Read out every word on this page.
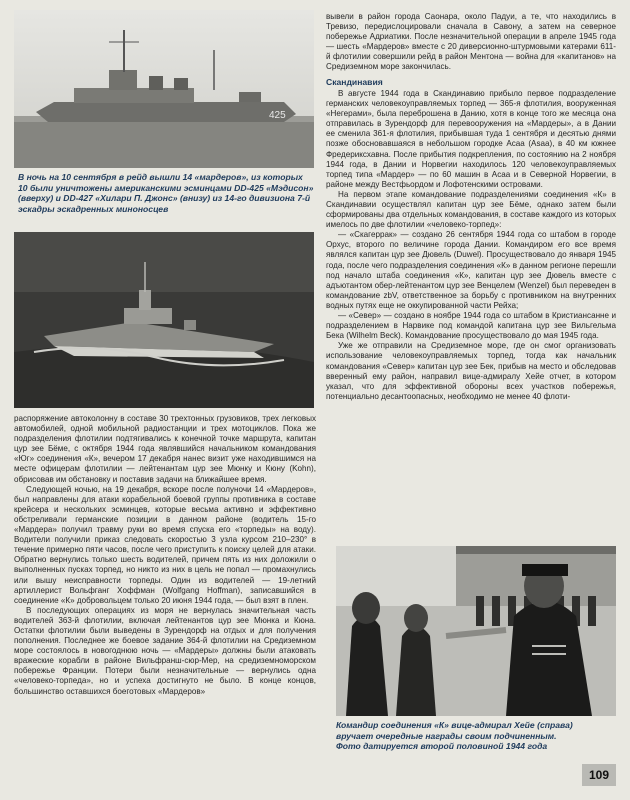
425

В ночь на 10 сентября в рейд вышли 14 «мардеров», из которых 10 были уничтожены американскими эсминцами DD-425 «Мэдисон» (вверху) и DD-427 «Хилари П. Джонс» (внизу) из 14-го дивизиона 7-й эскадры эскадренных миноносцев

распоряжение автоколонну в составе 30 трехтонных грузовиков, трех легковых автомобилей, одной мобильной радиостанции и трех мотоциклов. Пока же подразделения флотилии подтягивались к конечной точке маршрута, капитан цур зее Бёме, с октября 1944 года являвшийся начальником командования «Юг» соединения «К», вечером 17 декабря нанес визит уже находившимся на месте офицерам флотилии — лейтенантам цур зее Мюнку и Кюну (Kohn), обрисовав им обстановку и поставив задачи на ближайшее время.

Следующей ночью, на 19 декабря, вскоре после полуночи 14 «Мардеров», был направлены для атаки корабельной боевой группы противника в составе крейсера и нескольких эсминцев, которые весьма активно и эффективно обстреливали германские позиции в данном районе (водитель 15-го «Мардера» получил травму руки во время спуска его «торпеды» на воду). Водители получили приказ следовать скоростью 3 узла курсом 210–230° в течение примерно пяти часов, после чего приступить к поиску целей для атаки. Обратно вернулись только шесть водителей, причем пять из них доложили о выполненных пусках торпед, но никто из них в цель не попал — промахнулись или вышу неисправности торпеды. Один из водителей — 19-летний артиллерист Вольфганг Хоффман (Wolfgang Hoffman), записавшийся в соединение «К» добровольцем только 20 июня 1944 года, — был взят в плен.

В последующих операциях из моря не вернулась значительная часть водителей 363-й флотилии, включая лейтенантов цур зее Мюнка и Кюна. Остатки флотилии были выведены в Зурендорф на отдых и для получения пополнения. Последнее же боевое задание 364-й флотилии на Средиземном море состоялось в новогоднюю ночь — «Мардеры» должны были атаковать вражеские корабли в районе Вильфранш-сюр-Мер, на средиземноморском побережье Франции. Потери были незначительные — вернулись одна «человеко-торпеда», но и успеха достигнуто не было. В конце концов, большинство оставшихся боеготовых «Мардеров»

вывели в район города Саонара, около Падуи, а те, что находились в Тревизо, передислоцировали сначала в Савону, а затем на северное побережье Адриатики. После незначительной операции в апреле 1945 года — шесть «Мардеров» вместе с 20 диверсионно-штурмовыми катерами 611-й флотилии совершили рейд в район Ментона — война для «капитанов» на Средиземном море закончилась.

Скандинавия

В августе 1944 года в Скандинавию прибыло первое подразделение германских человекоуправляемых торпед — 365-я флотилия, вооруженная «Негерами», была переброшена в Данию, хотя в конце того же месяца она отправилась в Зурендорф для перевооружения на «Мардеры», а в Дании ее сменила 361-я флотилия, прибывшая туда 1 сентября и десятью днями позже обосновавшаяся в небольшом городке Асаа (Asaa), в 40 км южнее Фредериксхавна. После прибытия подкрепления, по состоянию на 2 ноября 1944 года, в Дании и Норвегии находилось 120 человекоуправляемых торпед типа «Мардер» — по 60 машин в Асаа и в Северной Норвегии, в районе между Вестфьордом и Лофотенскими островами.

На первом этапе командование подразделениями соединения «К» в Скандинавии осуществлял капитан цур зее Бёме, однако затем были сформированы два отдельных командования, в составе каждого из которых имелось по две флотилии «человеко-торпед»:

— «Скагеррак» — создано 26 сентября 1944 года со штабом в городе Орхус, второго по величине города Дании. Командиром его все время являлся капитан цур зее Дювель (Duwel). Просуществовало до января 1945 года, после чего подразделения соединения «К» в данном регионе перешли под начало штаба соединения «К», капитан цур зее Дювель вместе с адъютантом обер-лейтенантом цур зее Венцелем (Wenzel) был переведен в командование zbV, ответственное за борьбу с противником на внутренних водных путях еще не оккупированной части Рейха;

— «Север» — создано в ноябре 1944 года со штабом в Кристиансанне и подразделением в Нарвике под командой капитана цур зее Вильгельма Бека (Wilhelm Beck). Командование просуществовало до мая 1945 года.

Уже же отправили на Средиземное море, где он смог организовать использование человекоуправляемых торпед, тогда как начальник командования «Север» капитан цур зее Бек, прибыв на место и обследовав вверенный ему район, направил вице-адмиралу Хейе отчет, в котором указал, что для эффективной обороны всех участков побережья, потенциально десантоопасных, необходимо не менее 40 флоти-

Командир соединения «К» вице-адмирал Хейе (справа) вручает очередные награды своим подчиненным. Фото датируется второй половиной 1944 года

109
